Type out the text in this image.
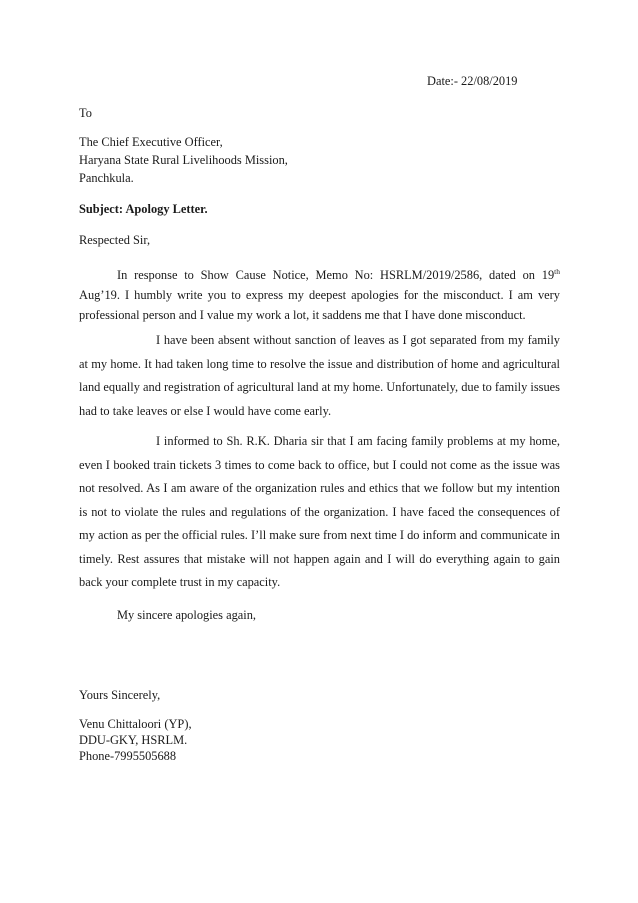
Date:- 22/08/2019
To
The Chief Executive Officer,
Haryana State Rural Livelihoods Mission,
Panchkula.
Subject: Apology Letter.
Respected Sir,
In response to Show Cause Notice, Memo No: HSRLM/2019/2586, dated on 19th Aug’19. I humbly write you to express my deepest apologies for the misconduct. I am very professional person and I value my work a lot, it saddens me that I have done misconduct.
I have been absent without sanction of leaves as I got separated from my family at my home. It had taken long time to resolve the issue and distribution of home and agricultural land equally and registration of agricultural land at my home. Unfortunately, due to family issues had to take leaves or else I would have come early.
I informed to Sh. R.K. Dharia sir that I am facing family problems at my home, even I booked train tickets 3 times to come back to office, but I could not come as the issue was not resolved. As I am aware of the organization rules and ethics that we follow but my intention is not to violate the rules and regulations of the organization. I have faced the consequences of my action as per the official rules. I’ll make sure from next time I do inform and communicate in timely. Rest assures that mistake will not happen again and I will do everything again to gain back your complete trust in my capacity.
My sincere apologies again,
Yours Sincerely,
Venu Chittaloori (YP),
DDU-GKY, HSRLM.
Phone-7995505688
